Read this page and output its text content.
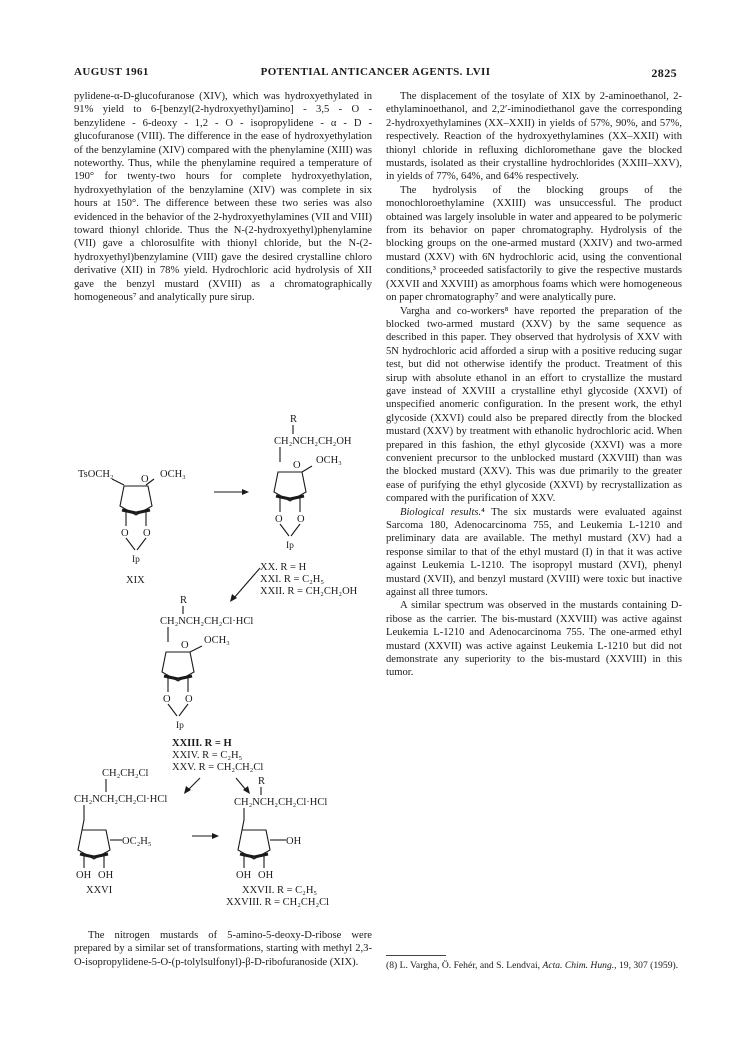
AUGUST 1961	POTENTIAL ANTICANCER AGENTS. LVII	2825

pylidene-α-D-glucofuranose (XIV), which was hydroxyethylated in 91% yield to 6-[benzyl(2-hydroxyethyl)amino] - 3,5 - O - benzylidene - 6-deoxy - 1,2 - O - isopropylidene - α - D - glucofuranose (VIII). The difference in the ease of hydroxyethylation of the benzylamine (XIV) compared with the phenylamine (XIII) was noteworthy. Thus, while the phenylamine required a temperature of 190° for twenty-two hours for complete hydroxyethylation, hydroxyethylation of the benzylamine (XIV) was complete in six hours at 150°. The difference between these two series was also evidenced in the behavior of the 2-hydroxyethylamines (VII and VIII) toward thionyl chloride. Thus the N-(2-hydroxyethyl)phenylamine (VII) gave a chlorosulfite with thionyl chloride, but the N-(2-hydroxyethyl)benzylamine (VIII) gave the desired crystalline chloro derivative (XII) in 78% yield. Hydrochloric acid hydrolysis of XII gave the benzyl mustard (XVIII) as a chromatographically homogeneous⁷ and analytically pure sirup.

TsOCH₂	OCH₃
O
O O
Ip
XIX
R
CH₂NCH₂CH₂OH
O OCH₃
O O
Ip
XX. R = H
XXI. R = C₂H₅
XXII. R = CH₂CH₂OH
R
CH₂NCH₂CH₂Cl·HCl
O OCH₃
O O
Ip
XXIII. R = H
XXIV. R = C₂H₅
XXV. R = CH₂CH₂Cl
CH₂CH₂Cl
CH₂NCH₂CH₂Cl·HCl
OC₂H₅
OH OH
XXVI
R
CH₂NCH₂CH₂Cl·HCl
OH
OH OH
XXVII. R = C₂H₅
XXVIII. R = CH₂CH₂Cl

The nitrogen mustards of 5-amino-5-deoxy-D-ribose were prepared by a similar set of transformations, starting with methyl 2,3-O-isopropylidene-5-O-(p-tolylsulfonyl)-β-D-ribofuranoside (XIX).

The displacement of the tosylate of XIX by 2-aminoethanol, 2-ethylaminoethanol, and 2,2′-iminodiethanol gave the corresponding 2-hydroxyethylamines (XX–XXII) in yields of 57%, 90%, and 57%, respectively. Reaction of the hydroxyethylamines (XX–XXII) with thionyl chloride in refluxing dichloromethane gave the blocked mustards, isolated as their crystalline hydrochlorides (XXIII–XXV), in yields of 77%, 64%, and 64% respectively.

The hydrolysis of the blocking groups of the monochloroethylamine (XXIII) was unsuccessful. The product obtained was largely insoluble in water and appeared to be polymeric from its behavior on paper chromatography. Hydrolysis of the blocking groups on the one-armed mustard (XXIV) and two-armed mustard (XXV) with 6N hydrochloric acid, using the conventional conditions,³ proceeded satisfactorily to give the respective mustards (XXVII and XXVIII) as amorphous foams which were homogeneous on paper chromatography⁷ and were analytically pure.

Vargha and co-workers⁸ have reported the preparation of the blocked two-armed mustard (XXV) by the same sequence as described in this paper. They observed that hydrolysis of XXV with 5N hydrochloric acid afforded a sirup with a positive reducing sugar test, but did not otherwise identify the product. Treatment of this sirup with absolute ethanol in an effort to crystallize the mustard gave instead of XXVIII a crystalline ethyl glycoside (XXVI) of unspecified anomeric configuration. In the present work, the ethyl glycoside (XXVI) could also be prepared directly from the blocked mustard (XXV) by treatment with ethanolic hydrochloric acid. When prepared in this fashion, the ethyl glycoside (XXVI) was a more convenient precursor to the unblocked mustard (XXVIII) than was the blocked mustard (XXV). This was due primarily to the greater ease of purifying the ethyl glycoside (XXVI) by recrystallization as compared with the purification of XXV.

Biological results.⁴ The six mustards were evaluated against Sarcoma 180, Adenocarcinoma 755, and Leukemia L-1210 and preliminary data are available. The methyl mustard (XV) had a response similar to that of the ethyl mustard (I) in that it was active against Leukemia L-1210. The isopropyl mustard (XVI), phenyl mustard (XVII), and benzyl mustard (XVIII) were toxic but inactive against all three tumors.

A similar spectrum was observed in the mustards containing D-ribose as the carrier. The bis-mustard (XXVIII) was active against Leukemia L-1210 and Adenocarcinoma 755. The one-armed ethyl mustard (XXVII) was active against Leukemia L-1210 but did not demonstrate any superiority to the bis-mustard (XXVIII) in this tumor.

(8) L. Vargha, Ö. Fehér, and S. Lendvai, Acta. Chim. Hung., 19, 307 (1959).
